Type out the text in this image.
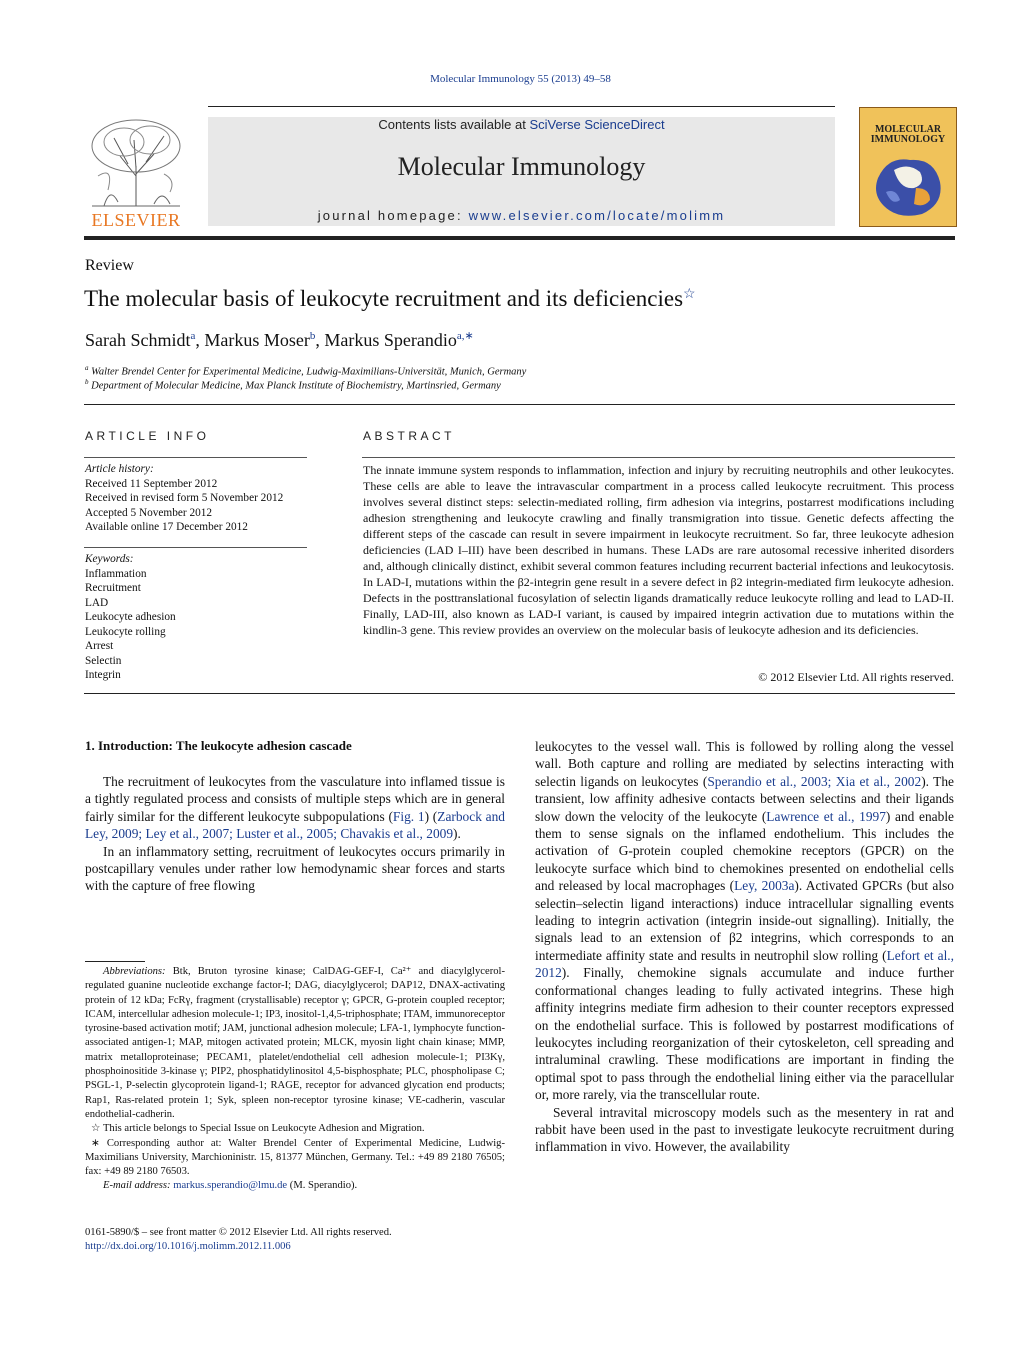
Molecular Immunology 55 (2013) 49–58
ELSEVIER
Contents lists available at SciVerse ScienceDirect
Molecular Immunology
journal homepage: www.elsevier.com/locate/molimm
MOLECULAR
IMMUNOLOGY
Review
The molecular basis of leukocyte recruitment and its deficiencies☆
Sarah Schmidt$^a$, Markus Moser$^b$, Markus Sperandio$^{a,∗}$
$^a$ Walter Brendel Center for Experimental Medicine, Ludwig-Maximilians-Universität, Munich, Germany
$^b$ Department of Molecular Medicine, Max Planck Institute of Biochemistry, Martinsried, Germany
ARTICLE INFO
Article history:
Received 11 September 2012
Received in revised form 5 November 2012
Accepted 5 November 2012
Available online 17 December 2012
Keywords:
Inflammation
Recruitment
LAD
Leukocyte adhesion
Leukocyte rolling
Arrest
Selectin
Integrin
ABSTRACT
The innate immune system responds to inflammation, infection and injury by recruiting neutrophils and other leukocytes. These cells are able to leave the intravascular compartment in a process called leukocyte recruitment. This process involves several distinct steps: selectin-mediated rolling, firm adhesion via integrins, postarrest modifications including adhesion strengthening and leukocyte crawling and finally transmigration into tissue. Genetic defects affecting the different steps of the cascade can result in severe impairment in leukocyte recruitment. So far, three leukocyte adhesion deficiencies (LAD I–III) have been described in humans. These LADs are rare autosomal recessive inherited disorders and, although clinically distinct, exhibit several common features including recurrent bacterial infections and leukocytosis. In LAD-I, mutations within the β2-integrin gene result in a severe defect in β2 integrin-mediated firm leukocyte adhesion. Defects in the posttranslational fucosylation of selectin ligands dramatically reduce leukocyte rolling and lead to LAD-II. Finally, LAD-III, also known as LAD-I variant, is caused by impaired integrin activation due to mutations within the kindlin-3 gene. This review provides an overview on the molecular basis of leukocyte adhesion and its deficiencies.
© 2012 Elsevier Ltd. All rights reserved.
1. Introduction: The leukocyte adhesion cascade

The recruitment of leukocytes from the vasculature into inflamed tissue is a tightly regulated process and consists of multiple steps which are in general fairly similar for the different leukocyte subpopulations (Fig. 1) (Zarbock and Ley, 2009; Ley et al., 2007; Luster et al., 2005; Chavakis et al., 2009).

In an inflammatory setting, recruitment of leukocytes occurs primarily in postcapillary venules under rather low hemodynamic shear forces and starts with the capture of free flowing

Abbreviations: Btk, Bruton tyrosine kinase; CalDAG-GEF-I, Ca²⁺ and diacylglycerol-regulated guanine nucleotide exchange factor-I; DAG, diacylglycerol; DAP12, DNAX-activating protein of 12 kDa; FcRγ, fragment (crystallisable) receptor γ; GPCR, G-protein coupled receptor; ICAM, intercellular adhesion molecule-1; IP3, inositol-1,4,5-triphosphate; ITAM, immunoreceptor tyrosine-based activation motif; JAM, junctional adhesion molecule; LFA-1, lymphocyte function-associated antigen-1; MAP, mitogen activated protein; MLCK, myosin light chain kinase; MMP, matrix metalloproteinase; PECAM1, platelet/endothelial cell adhesion molecule-1; PI3Kγ, phosphoinositide 3-kinase γ; PIP2, phosphatidylinositol 4,5-bisphosphate; PLC, phospholipase C; PSGL-1, P-selectin glycoprotein ligand-1; RAGE, receptor for advanced glycation end products; Rap1, Ras-related protein 1; Syk, spleen non-receptor tyrosine kinase; VE-cadherin, vascular endothelial-cadherin.

☆ This article belongs to Special Issue on Leukocyte Adhesion and Migration.

∗ Corresponding author at: Walter Brendel Center of Experimental Medicine, Ludwig-Maximilians University, Marchioninistr. 15, 81377 München, Germany. Tel.: +49 89 2180 76505; fax: +49 89 2180 76503.

E-mail address: markus.sperandio@lmu.de (M. Sperandio).

0161-5890/$ – see front matter © 2012 Elsevier Ltd. All rights reserved.

http://dx.doi.org/10.1016/j.molimm.2012.11.006

leukocytes to the vessel wall. This is followed by rolling along the vessel wall. Both capture and rolling are mediated by selectins interacting with selectin ligands on leukocytes (Sperandio et al., 2003; Xia et al., 2002). The transient, low affinity adhesive contacts between selectins and their ligands slow down the velocity of the leukocyte (Lawrence et al., 1997) and enable them to sense signals on the inflamed endothelium. This includes the activation of G-protein coupled chemokine receptors (GPCR) on the leukocyte surface which bind to chemokines presented on endothelial cells and released by local macrophages (Ley, 2003a). Activated GPCRs (but also selectin–selectin ligand interactions) induce intracellular signalling events leading to integrin activation (integrin inside-out signalling). Initially, the signals lead to an extension of β2 integrins, which corresponds to an intermediate affinity state and results in neutrophil slow rolling (Lefort et al., 2012). Finally, chemokine signals accumulate and induce further conformational changes leading to fully activated integrins. These high affinity integrins mediate firm adhesion to their counter receptors expressed on the endothelial surface. This is followed by postarrest modifications of leukocytes including reorganization of their cytoskeleton, cell spreading and intraluminal crawling. These modifications are important in finding the optimal spot to pass through the endothelial lining either via the paracellular or, more rarely, via the transcellular route.

Several intravital microscopy models such as the mesentery in rat and rabbit have been used in the past to investigate leukocyte recruitment during inflammation in vivo. However, the availability
